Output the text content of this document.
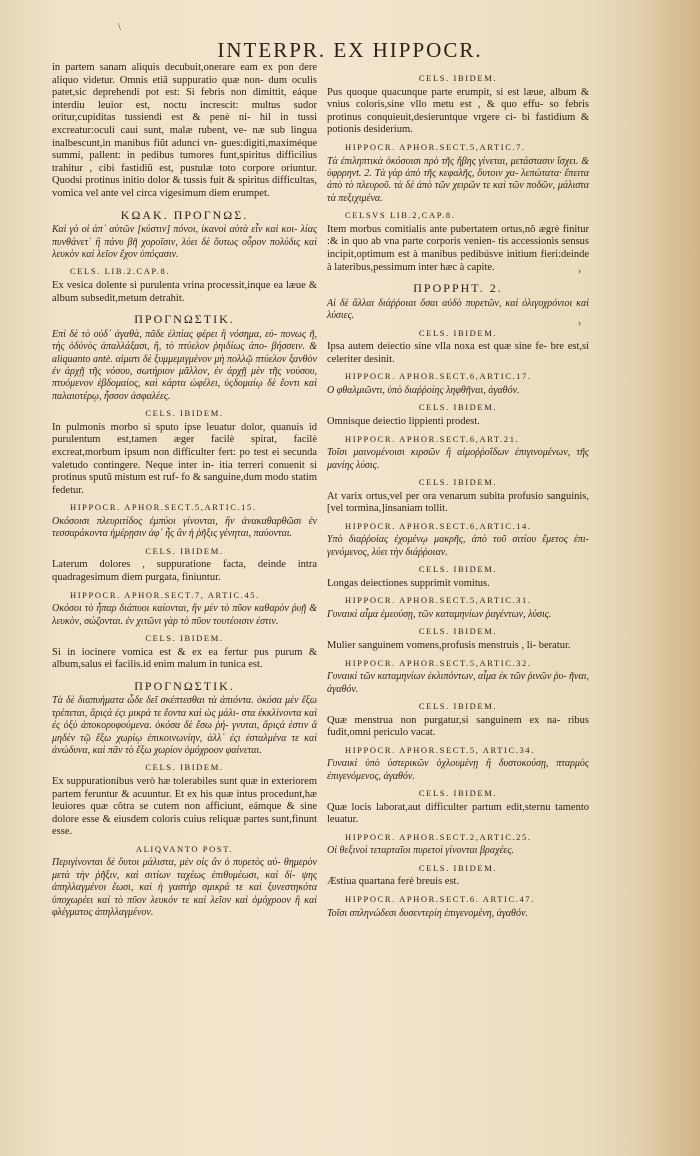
\
›
›
INTERPR. EX HIPPOCR.
in partem sanam aliquis decubuit,onerare eam ex pon dere aliquo videtur. Omnis etiã suppuratio quæ non- dum oculis patet,sic deprehendi pot est: Si febris non dimittit, eáque interdiu leuior est, noctu increscit: multus sudor oritur,cupiditas tussiendi est & penè ni- hil in tussi excreatur:oculi caui sunt, malæ rubent, ve- næ sub lingua inalbescunt,in manibus fiũt adunci vn- gues:digiti,maximéque summi, pallent: in pedibus tumores funt,spiritus difficilius trahitur , cibi fastidiũ est, pustulæ toto corpore oriuntur. Quodsi protinus initio dolor & tussis fuit & spiritus difficultas, vomica vel ante vel circa vigesimum diem erumpet.
ΚΩΑΚ. ΠΡΟΓΝΩΣ.
Καὶ γὸ οἱ ἀπ᾽ αὐτῶν [κύστιν] πόνοι, ἱκανοὶ αὐτὰ εἶν καὶ κοι- λίας πυνθάνετ᾽ ἢ πάνυ βῆ χοροῖσιν, λύει δὲ ὅυτως οὖρον πολύδις καὶ λευκὸν καὶ λεῖον ἔχον ὑπόςασιν.
CELS. LIB.2.CAP.8.
Ex vesica dolente si purulenta vrina processit,inque ea læue & album subsedit,metum detrahit.
ΠΡΟΓΝΩΣΤΙΚ.
Επὶ δὲ τὸ οὐδ᾽ ἀγαθὰ, πᾶδε ἐλπίας φέρει ἢ νόσημα, εὐ- πονως ῆ, τὴς ὀδὐνὸς ἀπαλλάξασι, ἢ, τὸ πτύελον ῥηιδίως ἀπο- βήσσειν. & aliquanto antè. αἱματι δὲ ξυμμεμιγμένον μὴ πολλῷ πτύελον ξανθὸν ἐν ἀρχῇ τῆς νόσου, σωτήριον μᾶλλον, ἐν ἀρχῇ μὲν τῆς νούσου, πτυόμενον ἑβδομαίος, καὶ κάρτα ὠφέλει, ὑςδομαίῳ δὲ ἔοντι καὶ παλαιοτέρῳ, ἧσσον ἀσφαλέες.
CELS. IBIDEM.
In pulmonis morbo si sputo ipse leuatur dolor, quanuis id purulentum est,tamen æger facilè spirat, facilè excreat,morbum ipsum non difficulter fert: po test ei secunda valetudo contingere. Neque inter in- itia terreri conuenit si protinus sputũ mistum est ruf- fo & sanguine,dum modo statim fedetur.
HIPPOCR. APHOR.SECT.5,ARTIC.15.
Οκόσοισι πλευριτίδος ἐμπύοι γίνονται, ἢν ἀνακαθαρθῶσι ἐν τεσσαράκοντα ἡμέρῃσιν ἀφ᾽ ἧς ἂν ἡ ῥῆξις γένηται, παύονται.
CELS. IBIDEM.
Laterum dolores , suppuratione facta, deinde intra quadragesimum diem purgata, finiuntur.
HIPPOCR. APHOR.SECT.7, ARTIC.45.
Οκόσοι τὸ ἧπαρ διάπυοι καίονται, ἢν μὲν τὸ πῦον καθαρὸν ῥυῇ & λευκὸν, σώζονται. ἐν χιτῶνι γὰρ τὸ πῦον τουτέοισιν ἐστιν.
CELS. IBIDEM.
Si in iocinere vomica est & ex ea fertur pus purum & album,salus ei facilis.id enim malum in tunica est.
ΠΡΟΓΝΩΣΤΙΚ.
Τὰ δὲ διαπυήματα ὧδε δεῖ σκέπτεσθαι τὰ ἀπιόντα. ὁκόσα μὲν ἔξω τρέπεται, ἄριςά ἐςι μικρά τε ἔοντα καὶ ὡς μάλι- στα ἐκκλίνοντα καὶ ἐς ὀξὺ ἀποκορυφούμενα. ὁκόσα δὲ ἔσω ῥή- γνυται, ἄριςά ἐστιν ἃ μηδὲν τῷ ἔξω χωρίῳ ἐπικοινωνίην, ἀλλ᾽ ἐςι ἐσταλμένα τε καὶ ἀνώδυνα, καὶ πᾶν τὸ ἔξω χωρίον ὁμόχροον φαίνεται.
CELS. IBIDEM.
Ex suppurationibus verò hæ tolerabiles sunt quæ in exteriorem partem feruntur & acuuntur. Et ex his quæ intus procedunt,hæ leuiores quæ cõtra se cutem non afficiunt, eámque & sine dolore esse & eiusdem coloris cuius reliquæ partes sunt,finunt esse.
ALIQVANTO POST.
Περιγίνονται δὲ ὅυτοι μάλιστα, μὲν οἱς ἂν ὁ πυρετὸς αὐ- θημερὸν μετὰ τὴν ῥῆξιν, καὶ σιτίων ταχέως ἐπιθυμέωσι, καὶ δί- ψης ἀπηλλαγμένοι ἔωσι, καὶ ἡ γαστὴρ σμικρά τε καὶ ξυνεστηκότα ὑποχωρέει καὶ τὸ πῦον λευκόν τε καὶ λεῖον καὶ ὁμόχροον ἢ καὶ φλέγματος ἀπηλλαγμένον.
CELS. IBIDEM.
Pus quoque quacunque parte erumpit, si est læue, album & vnius coloris,sine vllo metu est , & quo effu- so febris protinus conquieuit,desieruntque vrgere ci- bi fastidium & potionis desiderium.
HIPPOCR. APHOR.SECT.5,ARTIC.7.
Τὰ ἐπιληπτικὰ ὁκόσοισι πρὸ τῆς ἥβης γίνεται, μετάστασιν ἴσχει. & ὑφρρηνt. 2. Τὰ γὰρ ἀπὸ τῆς κεφαλῆς, ὅυτοιν χα- λεπώτατα· ἔπειτα ἀπὸ τὸ πλευροῦ. τὰ δὲ ἀπὸ τῶν χειρῶν τε καὶ τῶν ποδῶν, μάλιστα τὰ πεξιχιμένα.
CELSVS LIB.2,CAP.8.
Item morbus comitialis ante pubertatem ortus,nõ ægrè finitur :& in quo ab vna parte corporis venien- tis accessionis sensus incipit,optimum est à manibus pedibúsve initium fieri:deinde à lateribus,pessimum inter hæc à capite.
ΠΡΟΡΡΗΤ. 2.
Αἱ δὲ ἄλλαι διάῤῥοιαι ὅσαι αὐδὸ πυρετῶν, καὶ ὀλιγοχρόνιοι καὶ λύσιες.
CELS. IBIDEM.
Ipsa autem deiectio sine vlla noxa est quæ sine fe- bre est,si celeriter desinit.
HIPPOCR. APHOR.SECT.6,ARTIC.17.
Ο φθαλμιῶντι, ὑπὸ διαῤῥοίης ληφθῆναι, ἀγαθόν.
CELS. IBIDEM.
Omnisque deiectio lippienti prodest.
HIPPOCR. APHOR.SECT.6,ART.21.
Τοῖσι μαινομένοισι κιρσῶν ἢ αἱμοῤῥοΐδων ἐπιγινομένων, τῆς μανίης λύσις.
CELS. IBIDEM.
At varix ortus,vel per ora venarum subita profusio sanguinis,[vel tormina,]insaniam tollit.
HIPPOCR. APHOR.SECT.6,ARTIC.14.
Υπὸ διαῤῥοίας ἐχομένῳ μακρῆς, ἀπὸ τοῦ σιτίου ἔμετος ἐπι- γενόμενος, λύει τὴν διάῤῥοιαν.
CELS. IBIDEM.
Longas deiectiones supprimit vomitus.
HIPPOCR. APHOR.SECT.5,ARTIC.31.
Γυναικὶ αἷμα ἐμεούσῃ, τῶν καταμηνίων ῥαγέντων, λύσις.
CELS. IBIDEM.
Mulier sanguinem vomens,profusis menstruis , li- beratur.
HIPPOCR. APHOR.SECT.5,ARTIC.32.
Γυναικὶ τῶν καταμηνίων ἐκλιπόντων, αἷμα ἐκ τῶν ῥινῶν ῥυ- ῆναι, ἀγαθόν.
CELS. IBIDEM.
Quæ menstrua non purgatur,si sanguinem ex na- ribus fudit,omni periculo vacat.
HIPPOCR. APHOR.SECT.5, ARTIC.34.
Γυναικὶ ὑπὸ ὑστερικῶν ὀχλουμένῃ ἢ δυστοκούσῃ, πταρμὸς ἐπιγενόμενος, ἀγαθόν.
CELS. IBIDEM.
Quæ locis laborat,aut difficulter partum edit,sternu tamento leuatur.
HIPPOCR. APHOR.SECT.2,ARTIC.25.
Οἱ θεξινοὶ τεταρταῖοι πυρετοὶ γίνονται βραχέες.
CELS. IBIDEM.
Æstiua quartana ferè breuis est.
HIPPOCR. APHOR.SECT.6. ARTIC.47.
Τοῖσι σπληνώδεσι δυσεντερίη ἐπιγενομένη, ἀγαθόν.
